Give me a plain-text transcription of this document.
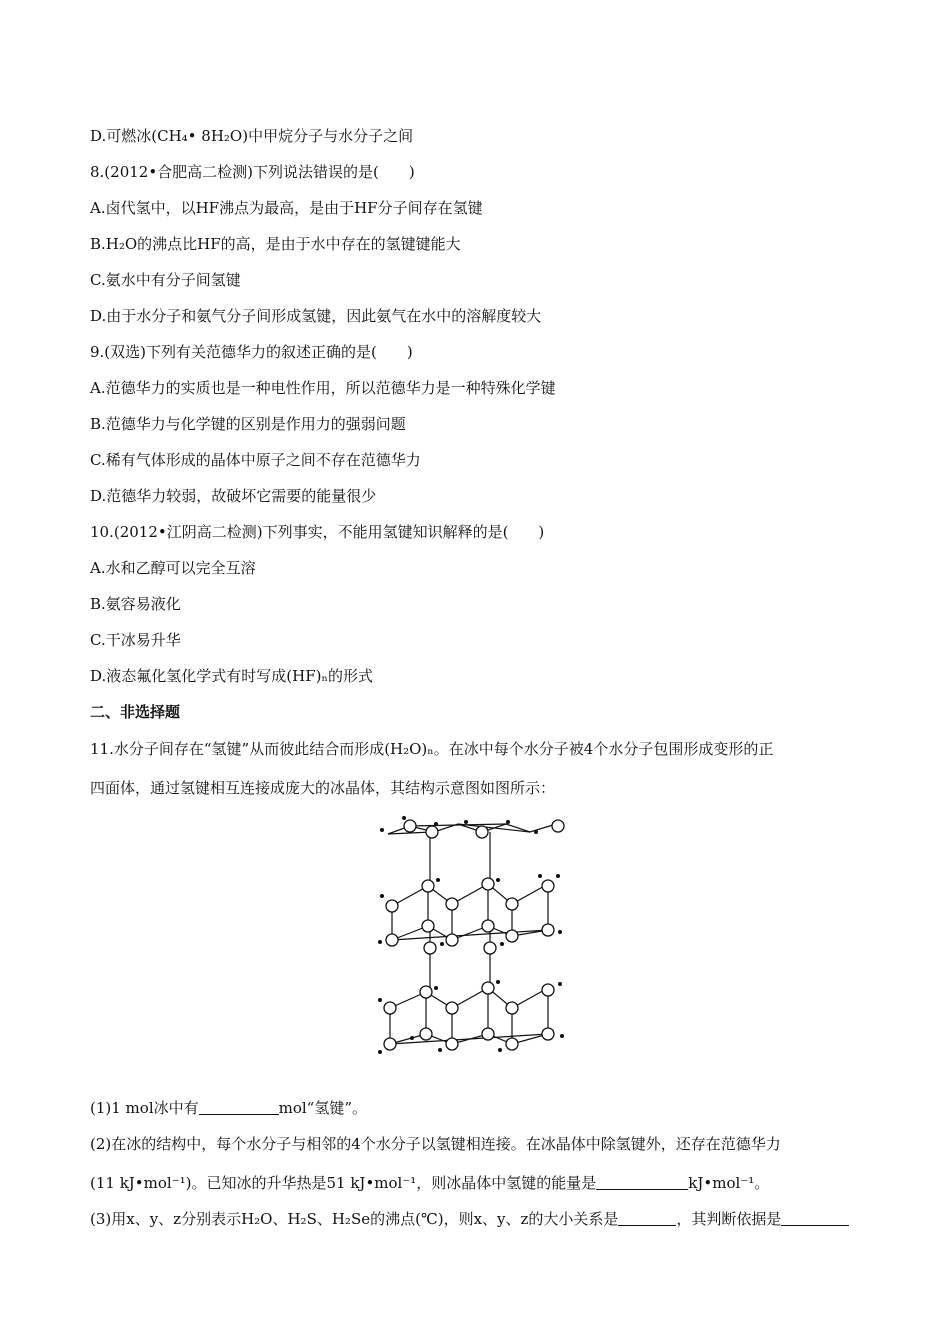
D.可燃冰(CH₄• 8H₂O)中甲烷分子与水分子之间
8.(2012•合肥高二检测)下列说法错误的是(　　)
A.卤代氢中，以HF沸点为最高，是由于HF分子间存在氢键
B.H₂O的沸点比HF的高，是由于水中存在的氢键键能大
C.氨水中有分子间氢键
D.由于水分子和氨气分子间形成氢键，因此氨气在水中的溶解度较大
9.(双选)下列有关范德华力的叙述正确的是(　　)
A.范德华力的实质也是一种电性作用，所以范德华力是一种特殊化学键
B.范德华力与化学键的区别是作用力的强弱问题
C.稀有气体形成的晶体中原子之间不存在范德华力
D.范德华力较弱，故破坏它需要的能量很少
10.(2012•江阴高二检测)下列事实，不能用氢键知识解释的是(　　)
A.水和乙醇可以完全互溶
B.氨容易液化
C.干冰易升华
D.液态氟化氢化学式有时写成(HF)ₙ的形式
二、非选择题
11.水分子间存在“氢键”从而彼此结合而形成(H₂O)ₙ。在冰中每个水分子被4个水分子包围形成变形的正
四面体，通过氢键相互连接成庞大的冰晶体，其结构示意图如图所示：
(1)1 mol冰中有	mol“氢键”。
(2)在冰的结构中，每个水分子与相邻的4个水分子以氢键相连接。在冰晶体中除氢键外，还存在范德华力
(11 kJ•mol⁻¹)。已知冰的升华热是51 kJ•mol⁻¹，则冰晶体中氢键的能量是	kJ•mol⁻¹。
(3)用x、y、z分别表示H₂O、H₂S、H₂Se的沸点(℃)，则x、y、z的大小关系是	，其判断依据是
